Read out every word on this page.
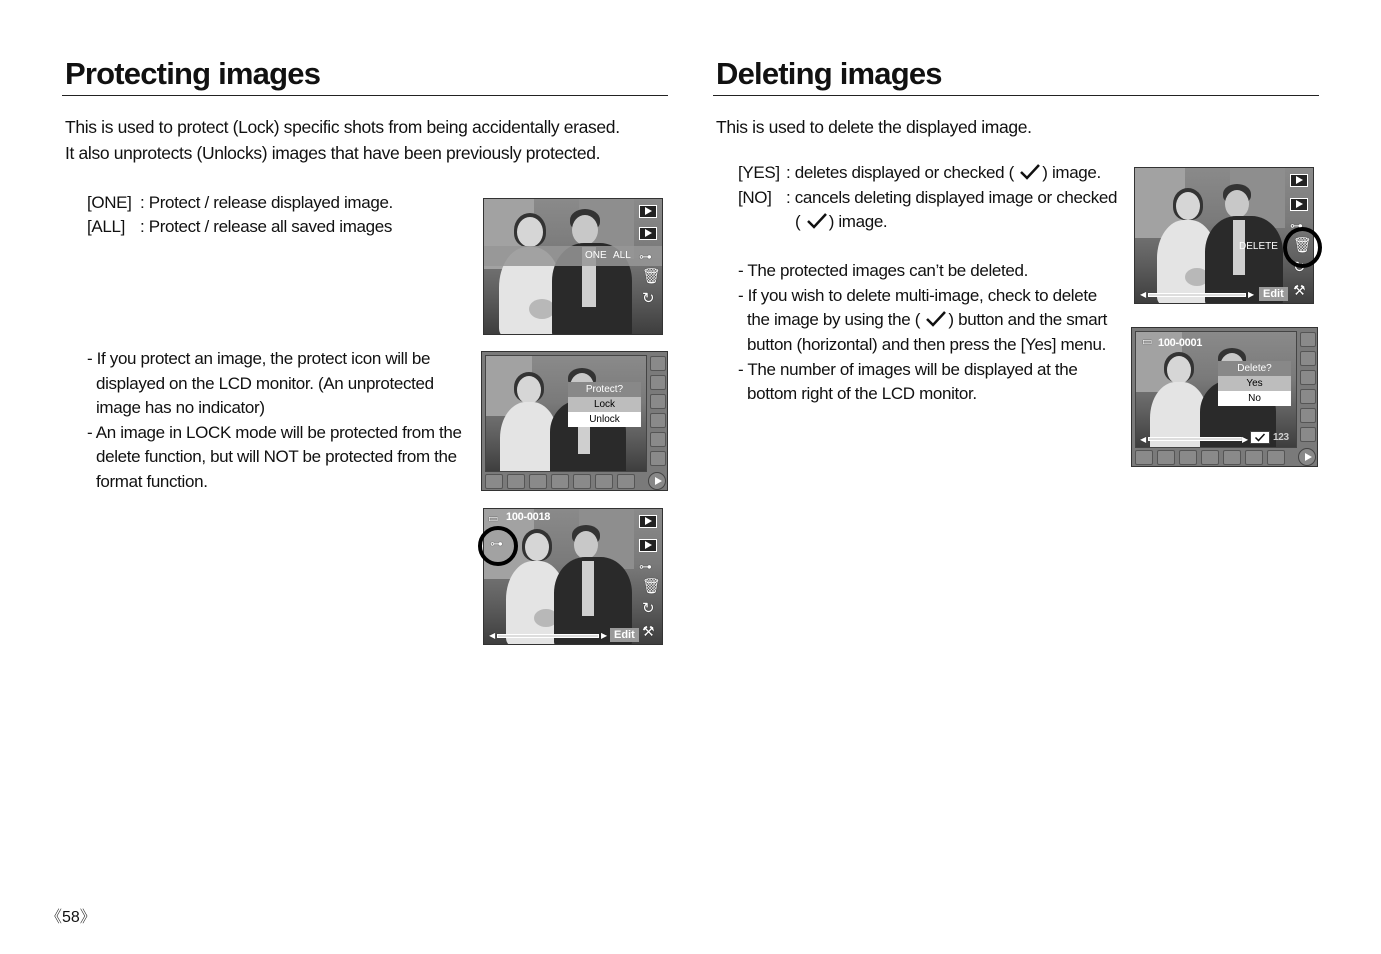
Protecting images

This is used to protect (Lock) specific shots from being accidentally erased.

It also unprotects (Unlocks) images that have been previously protected.

[ONE] : Protect / release displayed image.
[ALL] : Protect / release all saved images
- If you protect an image, the protect icon will be
displayed on the LCD monitor. (An unprotected
image has no indicator)
- An image in LOCK mode will be protected from the
delete function, but will NOT be protected from the
format function.
ONE ALL ⊶
🗑
↻
Protect?
Lock
Unlock
▭ 100-0018
⊶
⊶
🗑
↻
⚒
◀	▶ Edit
Deleting images

This is used to delete the displayed image.

[YES] : deletes displayed or checked ( ) image.
[NO] : cancels deleting displayed image or checked
( ) image.
- The protected images can’t be deleted.
- If you wish to delete multi-image, check to delete
the image by using the ( ) button and the smart
button (horizontal) and then press the [Yes] menu.
- The number of images will be displayed at the
bottom right of the LCD monitor.
DELETE
⊶
🗑
↻
⚒
◀	▶ Edit
▭ 100-0001
Delete?
Yes
No
◀	▶ 123
《58》
